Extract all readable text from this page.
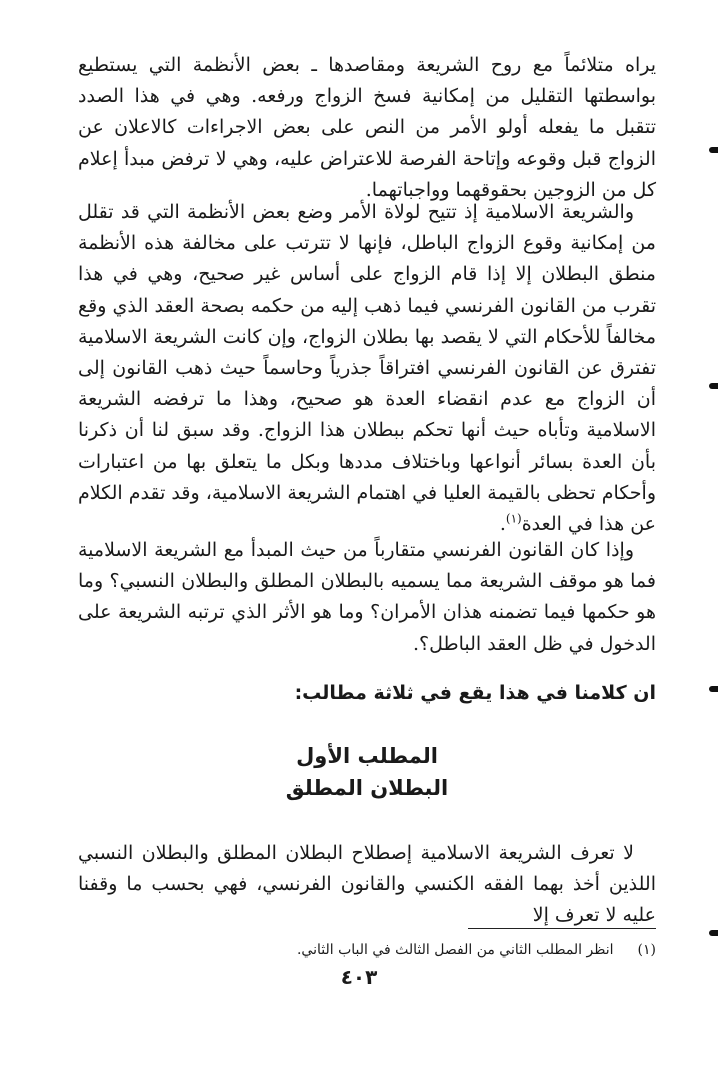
يراه متلائماً مع روح الشريعة ومقاصدها ـ بعض الأنظمة التي يستطيع بواسطتها التقليل من إمكانية فسخ الزواج ورفعه. وهي في هذا الصدد تتقبل ما يفعله أولو الأمر من النص على بعض الاجراءات كالاعلان عن الزواج قبل وقوعه وإتاحة الفرصة للاعتراض عليه، وهي لا ترفض مبدأ إعلام كل من الزوجين بحقوقهما وواجباتهما.

والشريعة الاسلامية إذ تتيح لولاة الأمر وضع بعض الأنظمة التي قد تقلل من إمكانية وقوع الزواج الباطل، فإنها لا تترتب على مخالفة هذه الأنظمة منطق البطلان إلا إذا قام الزواج على أساس غير صحيح، وهي في هذا تقرب من القانون الفرنسي فيما ذهب إليه من حكمه بصحة العقد الذي وقع مخالفاً للأحكام التي لا يقصد بها بطلان الزواج، وإن كانت الشريعة الاسلامية تفترق عن القانون الفرنسي افتراقاً جذرياً وحاسماً حيث ذهب القانون إلى أن الزواج مع عدم انقضاء العدة هو صحيح، وهذا ما ترفضه الشريعة الاسلامية وتأباه حيث أنها تحكم ببطلان هذا الزواج. وقد سبق لنا أن ذكرنا بأن العدة بسائر أنواعها وباختلاف مددها وبكل ما يتعلق بها من اعتبارات وأحكام تحظى بالقيمة العليا في اهتمام الشريعة الاسلامية، وقد تقدم الكلام عن هذا في العدة$^{(١)}$.

وإذا كان القانون الفرنسي متقارباً من حيث المبدأ مع الشريعة الاسلامية فما هو موقف الشريعة مما يسميه بالبطلان المطلق والبطلان النسبي؟ وما هو حكمها فيما تضمنه هذان الأمران؟ وما هو الأثر الذي ترتبه الشريعة على الدخول في ظل العقد الباطل؟.

ان كلامنا في هذا يقع في ثلاثة مطالب:

المطلب الأول

البطلان المطلق

لا تعرف الشريعة الاسلامية إصطلاح البطلان المطلق والبطلان النسبي اللذين أخذ بهما الفقه الكنسي والقانون الفرنسي، فهي بحسب ما وقفنا عليه لا تعرف إلا

(١)انظر المطلب الثاني من الفصل الثالث في الباب الثاني.

٤٠٣
